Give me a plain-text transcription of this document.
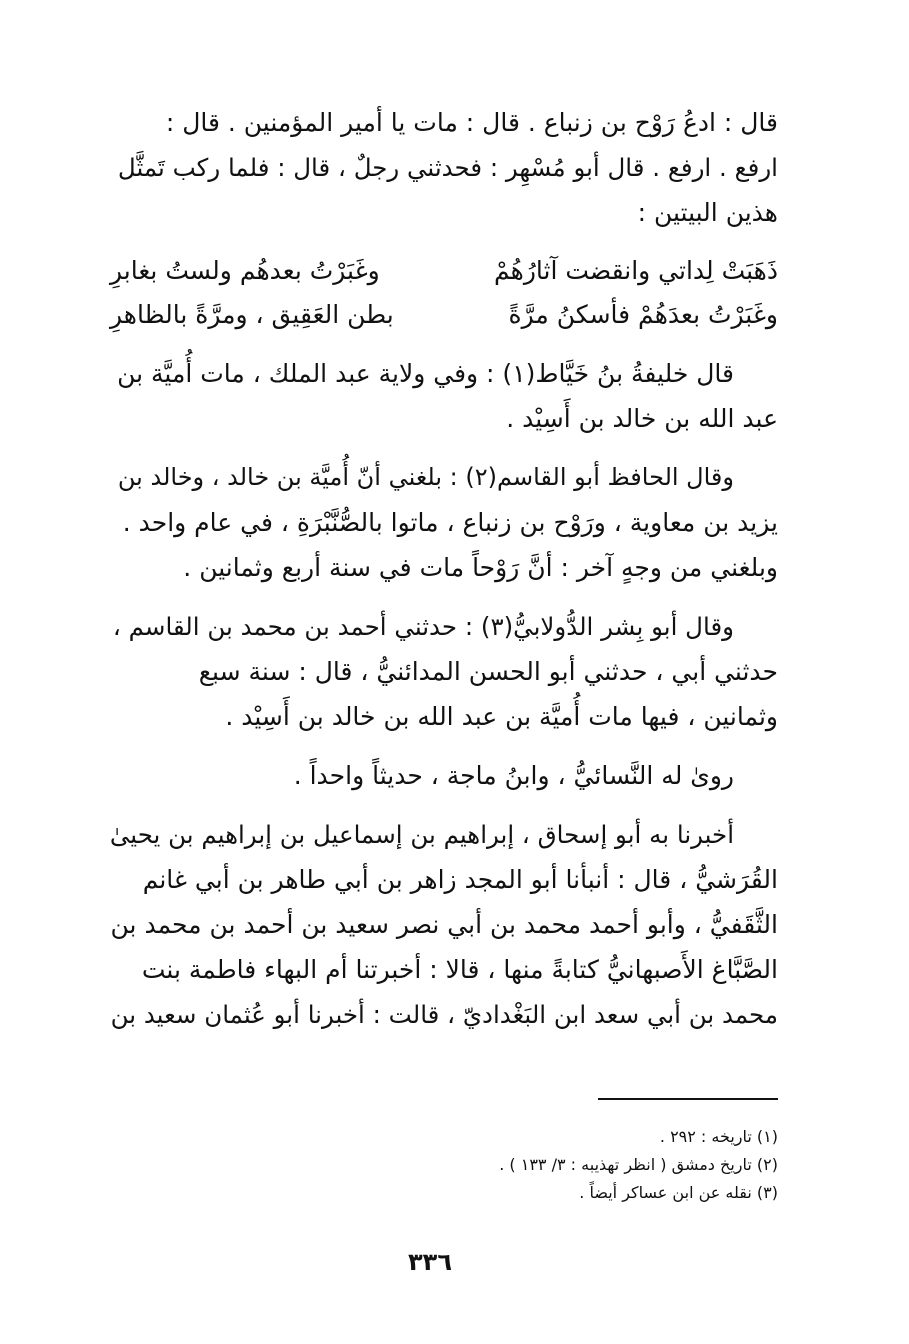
قال : ادعُ رَوْح بن زنباع . قال : مات يا أمير المؤمنين . قال :
ارفع . ارفع . قال أبو مُسْهِر : فحدثني رجلٌ ، قال : فلما ركب تَمثَّل
هذين البيتين :
ذَهَبَتْ لِداتي وانقضت آثارُهُمْ
وغَبَرْتُ بعدهُم ولستُ بغابرِ
وغَبَرْتُ بعدَهُمْ فأسكنُ مرَّةً
بطن العَقِيق ، ومرَّةً بالظاهرِ
قال خليفةُ بنُ خَيَّاط(١) : وفي ولاية عبد الملك ، مات أُميَّة بن
عبد الله بن خالد بن أَسِيْد .
وقال الحافظ أبو القاسم(٢) : بلغني أنّ أُميَّة بن خالد ، وخالد بن
يزيد بن معاوية ، ورَوْح بن زنباع ، ماتوا بالصُّنَّبْرَةِ ، في عام واحد .
وبلغني من وجهٍ آخر : أنَّ رَوْحاً مات في سنة أربع وثمانين .
وقال أبو بِشر الدُّولابيُّ(٣) : حدثني أحمد بن محمد بن القاسم ،
حدثني أبي ، حدثني أبو الحسن المدائنيُّ ، قال : سنة سبع
وثمانين ، فيها مات أُميَّة بن عبد الله بن خالد بن أَسِيْد .
روىٰ له النَّسائيُّ ، وابنُ ماجة ، حديثاً واحداً .
أخبرنا به أبو إسحاق ، إبراهيم بن إسماعيل بن إبراهيم بن يحيىٰ
القُرَشيُّ ، قال : أنبأنا أبو المجد زاهر بن أبي طاهر بن أبي غانم
الثَّقَفيُّ ، وأبو أحمد محمد بن أبي نصر سعيد بن أحمد بن محمد بن
الصَّبَّاغ الأَصبهانيُّ كتابةً منها ، قالا : أخبرتنا أم البهاء فاطمة بنت
محمد بن أبي سعد ابن البَغْداديّ ، قالت : أخبرنا أبو عُثمان سعيد بن
(١) تاريخه : ٢٩٢ .
(٢) تاريخ دمشق ( انظر تهذيبه : ٣/ ١٣٣ ) .
(٣) نقله عن ابن عساكر أيضاً .
٣٣٦
